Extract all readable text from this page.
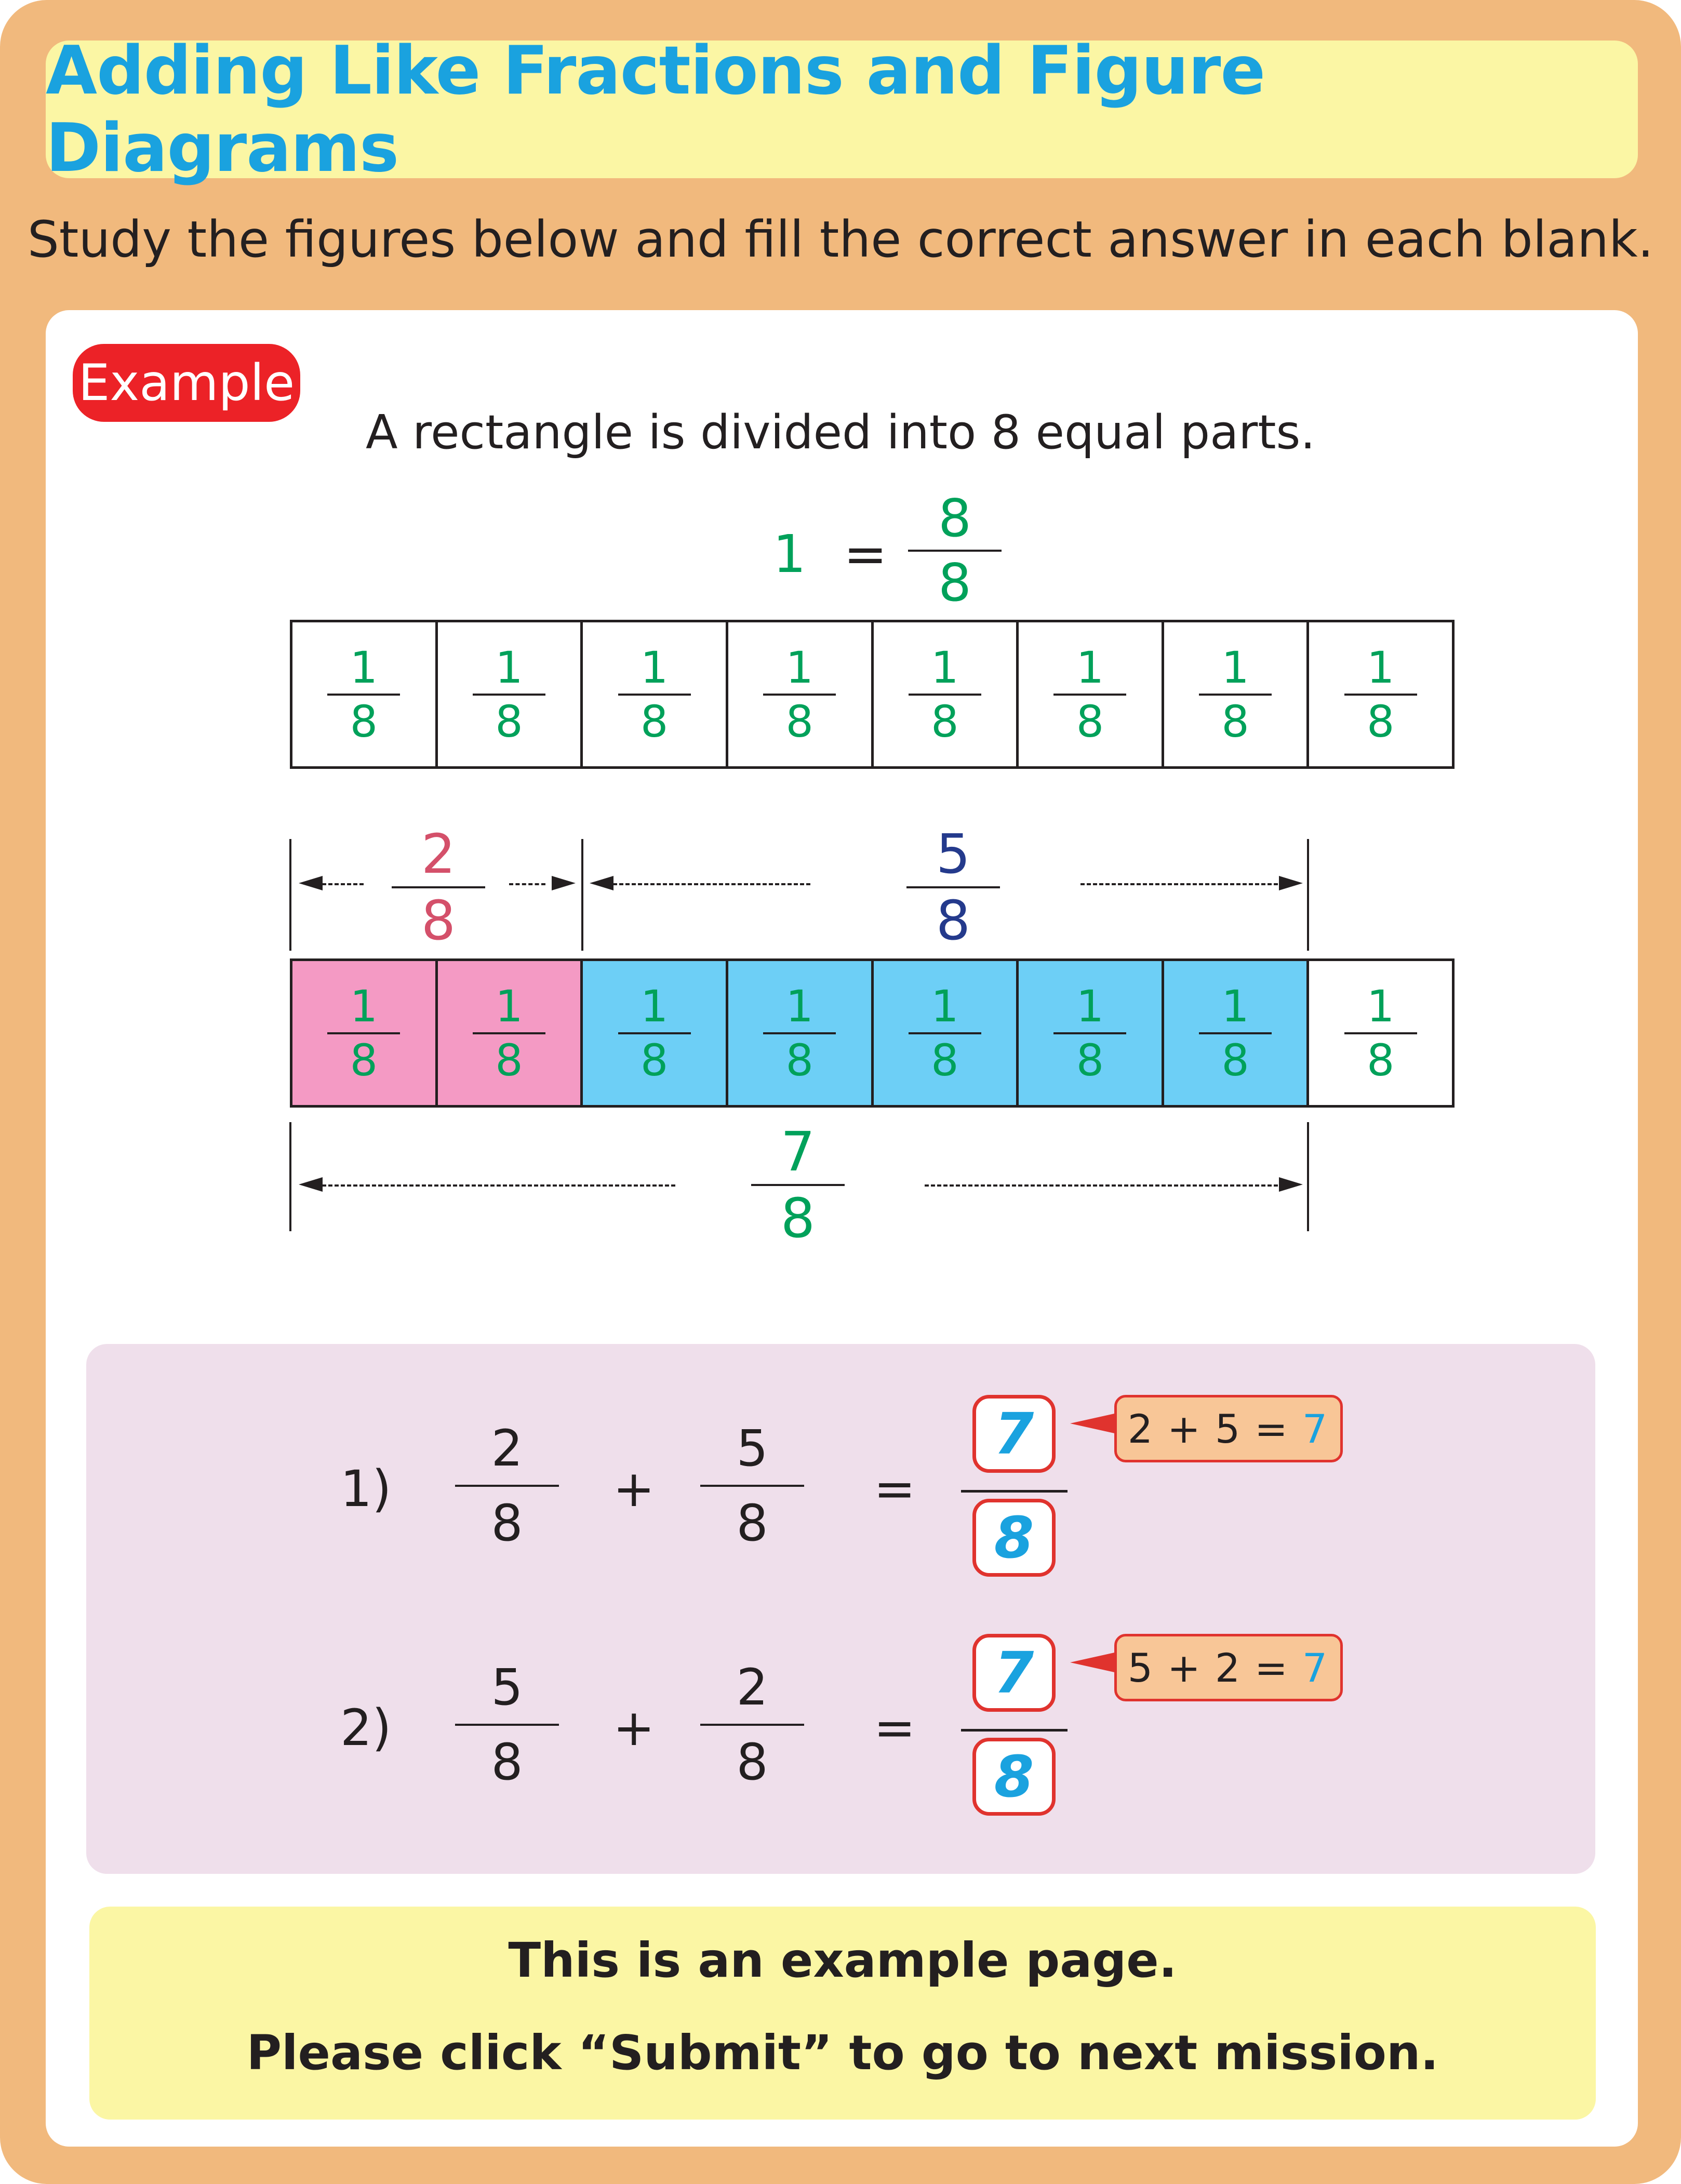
Adding Like Fractions and Figure Diagrams
Study the figures below and fill the correct answer in each blank.
Example
A rectangle is divided into 8 equal parts.
1 =
8
8
$\frac{1}{8} \frac{1}{8} \frac{1}{8} \frac{1}{8} \frac{1}{8} \frac{1}{8} \frac{1}{8} \frac{1}{8}$
2
8
5
8
$\frac{1}{8} \frac{1}{8} \frac{1}{8} \frac{1}{8} \frac{1}{8} \frac{1}{8} \frac{1}{8} \frac{1}{8}$
7
8
1)
2
8
+
5
8
=
7
8
2 + 5 = 7
2)
5
8
+
2
8
=
7
8
5 + 2 = 7
This is an example page.
Please click “Submit” to go to next mission.
